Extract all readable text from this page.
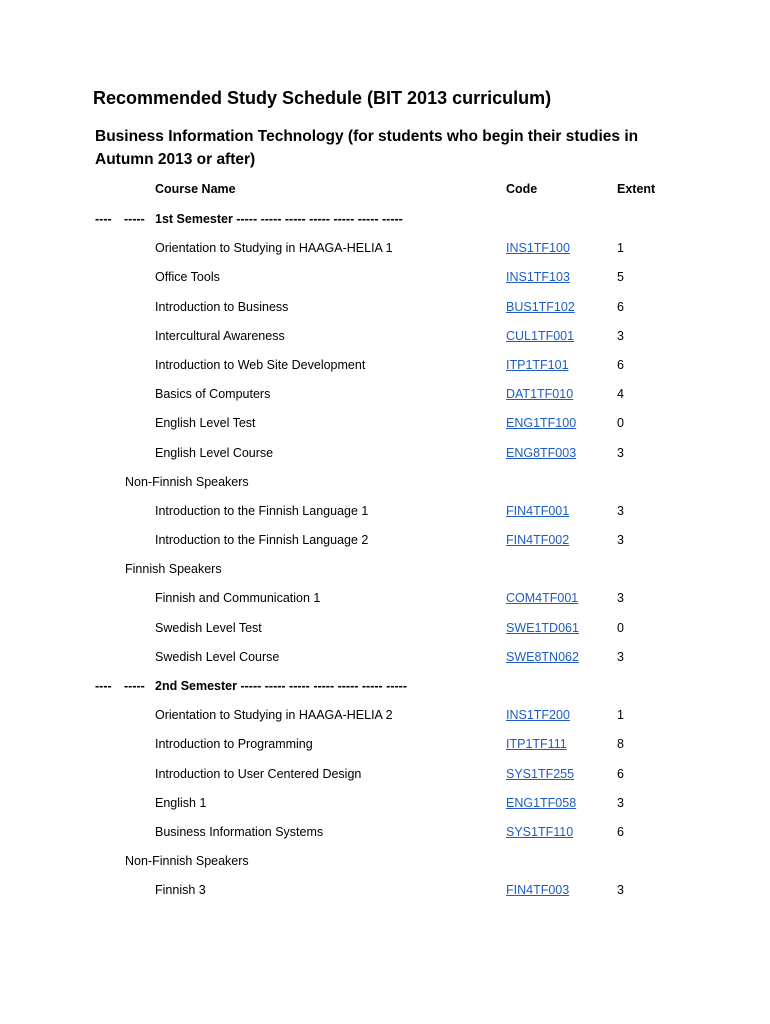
Recommended Study Schedule (BIT 2013 curriculum)
Business Information Technology (for students who begin their studies in Autumn 2013 or after)
Course Name	Code	Extent
---- ----- 1st Semester ----- ----- ----- ----- ----- ----- -----
Orientation to Studying in HAAGA-HELIA 1	INS1TF100	1
Office Tools	INS1TF103	5
Introduction to Business	BUS1TF102	6
Intercultural Awareness	CUL1TF001	3
Introduction to Web Site Development	ITP1TF101	6
Basics of Computers	DAT1TF010	4
English Level Test	ENG1TF100	0
English Level Course	ENG8TF003	3
Non-Finnish Speakers
Introduction to the Finnish Language 1	FIN4TF001	3
Introduction to the Finnish Language 2	FIN4TF002	3
Finnish Speakers
Finnish and Communication 1	COM4TF001	3
Swedish Level Test	SWE1TD061	0
Swedish Level Course	SWE8TN062	3
---- ----- 2nd Semester ----- ----- ----- ----- ----- ----- -----
Orientation to Studying in HAAGA-HELIA 2	INS1TF200	1
Introduction to Programming	ITP1TF111	8
Introduction to User Centered Design	SYS1TF255	6
English 1	ENG1TF058	3
Business Information Systems	SYS1TF110	6
Non-Finnish Speakers
Finnish 3	FIN4TF003	3
